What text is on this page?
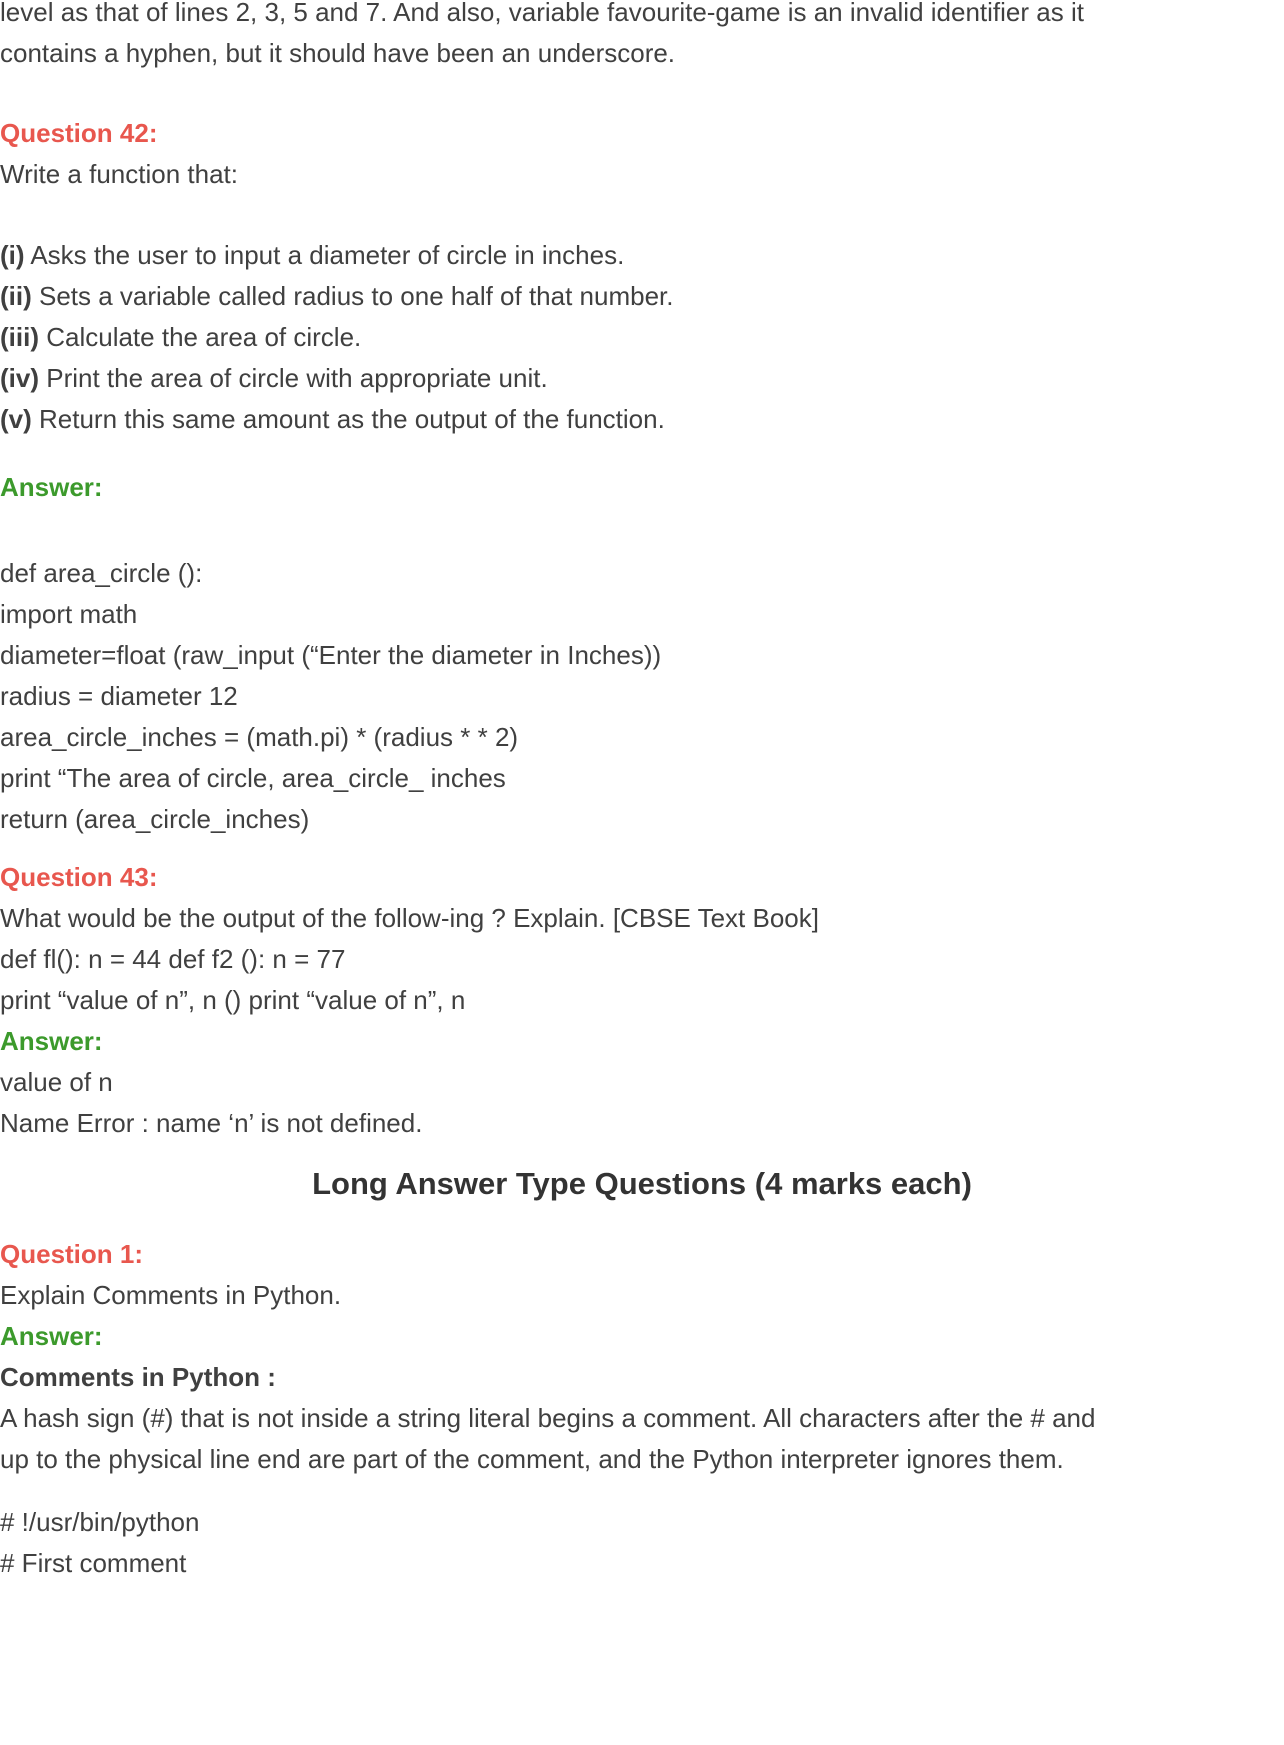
level as that of lines 2, 3, 5 and 7. And also, variable favourite-game is an invalid identifier as it
contains a hyphen, but it should have been an underscore.
Question 42:
Write a function that:
(i) Asks the user to input a diameter of circle in inches.
(ii) Sets a variable called radius to one half of that number.
(iii) Calculate the area of circle.
(iv) Print the area of circle with appropriate unit.
(v) Return this same amount as the output of the function.
Answer:
def area_circle ():
import math
diameter=float (raw_input (“Enter the diameter in Inches))
radius = diameter 12
area_circle_inches = (math.pi) * (radius * * 2)
print “The area of circle, area_circle_ inches
return (area_circle_inches)
Question 43:
What would be the output of the follow-ing ? Explain. [CBSE Text Book]
def fl(): n = 44 def f2 (): n = 77
print “value of n”, n () print “value of n”, n
Answer:
value of n
Name Error : name ‘n’ is not defined.
Long Answer Type Questions (4 marks each)
Question 1:
Explain Comments in Python.
Answer:
Comments in Python :
A hash sign (#) that is not inside a string literal begins a comment. All characters after the # and
up to the physical line end are part of the comment, and the Python interpreter ignores them.
# !/usr/bin/python
# First comment
